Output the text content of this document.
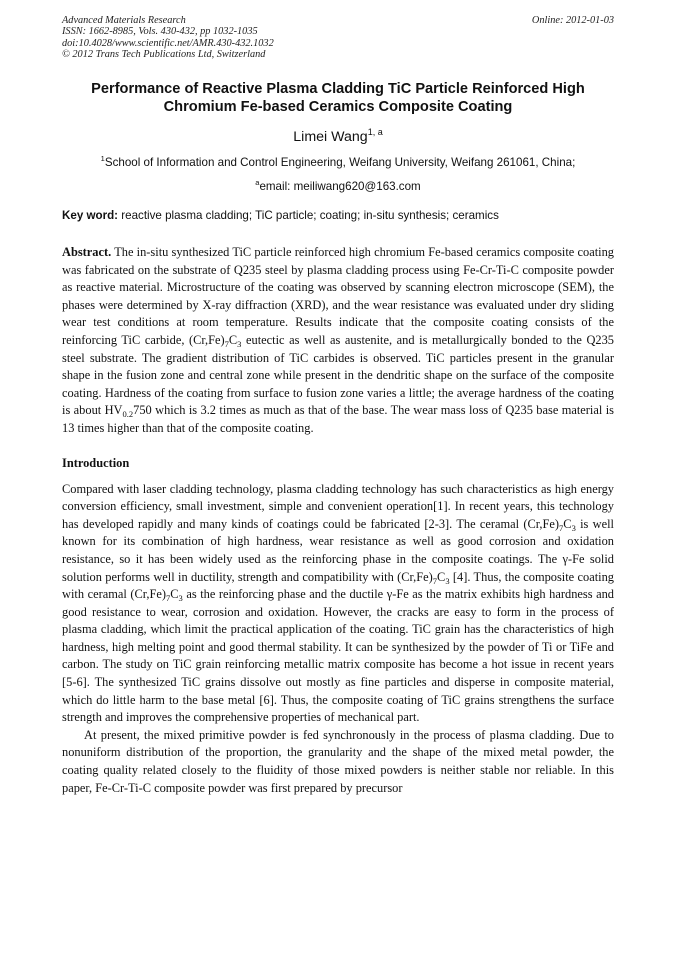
Advanced Materials Research
ISSN: 1662-8985, Vols. 430-432, pp 1032-1035
doi:10.4028/www.scientific.net/AMR.430-432.1032
© 2012 Trans Tech Publications Ltd, Switzerland
Online: 2012-01-03
Performance of Reactive Plasma Cladding TiC Particle Reinforced High Chromium Fe-based Ceramics Composite Coating
Limei Wang$^{1, a}$
$^1$School of Information and Control Engineering, Weifang University, Weifang 261061, China;
$^a$email: meiliwang620@163.com
Key word: reactive plasma cladding; TiC particle; coating; in-situ synthesis; ceramics

Abstract. The in-situ synthesized TiC particle reinforced high chromium Fe-based ceramics composite coating was fabricated on the substrate of Q235 steel by plasma cladding process using Fe-Cr-Ti-C composite powder as reactive material. Microstructure of the coating was observed by scanning electron microscope (SEM), the phases were determined by X-ray diffraction (XRD), and the wear resistance was evaluated under dry sliding wear test conditions at room temperature. Results indicate that the composite coating consists of the reinforcing TiC carbide, $(Cr,Fe)_7C_3$ eutectic as well as austenite, and is metallurgically bonded to the Q235 steel substrate. The gradient distribution of TiC carbides is observed. TiC particles present in the granular shape in the fusion zone and central zone while present in the dendritic shape on the surface of the composite coating. Hardness of the coating from surface to fusion zone varies a little; the average hardness of the coating is about $HV_{0.2}750$ which is 3.2 times as much as that of the base. The wear mass loss of Q235 base material is 13 times higher than that of the composite coating.

Introduction

Compared with laser cladding technology, plasma cladding technology has such characteristics as high energy conversion efficiency, small investment, simple and convenient operation[1]. In recent years, this technology has developed rapidly and many kinds of coatings could be fabricated [2-3]. The ceramal $(Cr,Fe)_7C_3$ is well known for its combination of high hardness, wear resistance as well as good corrosion and oxidation resistance, so it has been widely used as the reinforcing phase in the composite coatings. The γ-Fe solid solution performs well in ductility, strength and compatibility with $(Cr,Fe)_7C_3$ [4]. Thus, the composite coating with ceramal $(Cr,Fe)_7C_3$ as the reinforcing phase and the ductile γ-Fe as the matrix exhibits high hardness and good resistance to wear, corrosion and oxidation. However, the cracks are easy to form in the process of plasma cladding, which limit the practical application of the coating. TiC grain has the characteristics of high hardness, high melting point and good thermal stability. It can be synthesized by the powder of Ti or TiFe and carbon. The study on TiC grain reinforcing metallic matrix composite has become a hot issue in recent years [5-6]. The synthesized TiC grains dissolve out mostly as fine particles and disperse in composite material, which do little harm to the base metal [6]. Thus, the composite coating of TiC grains strengthens the surface strength and improves the comprehensive properties of mechanical part.

At present, the mixed primitive powder is fed synchronously in the process of plasma cladding. Due to nonuniform distribution of the proportion, the granularity and the shape of the mixed metal powder, the coating quality related closely to the fluidity of those mixed powders is neither stable nor reliable. In this paper, Fe-Cr-Ti-C composite powder was first prepared by precursor
